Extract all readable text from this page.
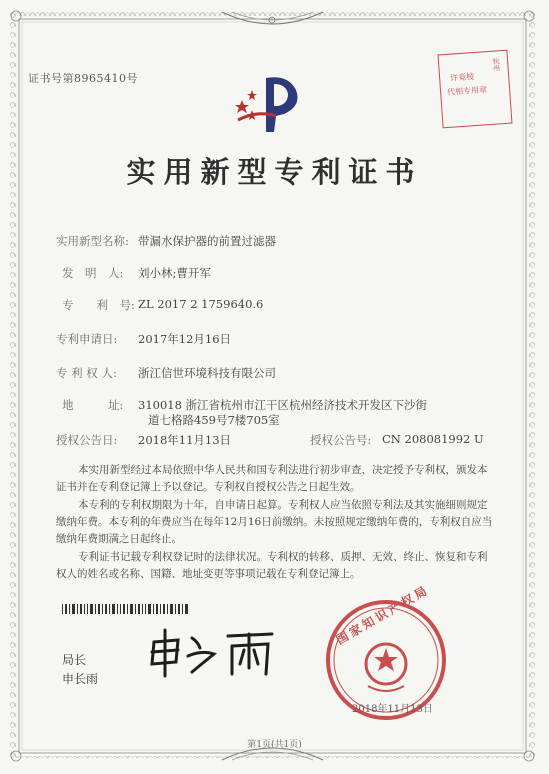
证书号第8965410号	许竟棱
代相专用章
杭州
实用新型专利证书
实用新型名称: 带漏水保护器的前置过滤器
发　明　人: 刘小林;曹开军
专　　利　号: ZL 2017 2 1759640.6
专利申请日: 2017年12月16日
专 利 权 人: 浙江信世环境科技有限公司
地　　　址: 310018 浙江省杭州市江干区杭州经济技术开发区下沙街
道七格路459号7楼705室
授权公告日: 2018年11月13日	授权公告号: CN 208081992 U
本实用新型经过本局依照中华人民共和国专利法进行初步审查，决定授予专利权，颁发本证书并在专利登记簿上予以登记。专利权自授权公告之日起生效。
本专利的专利权期限为十年，自申请日起算。专利权人应当依照专利法及其实施细则规定缴纳年费。本专利的年费应当在每年12月16日前缴纳。未按照规定缴纳年费的，专利权自应当缴纳年费期满之日起终止。
专利证书记载专利权登记时的法律状况。专利权的转移、质押、无效、终止、恢复和专利权人的姓名或名称、国籍、地址变更等事项记载在专利登记簿上。
局长
申长雨
国家知识产权局
2018年11月13日
第1页(共1页)
